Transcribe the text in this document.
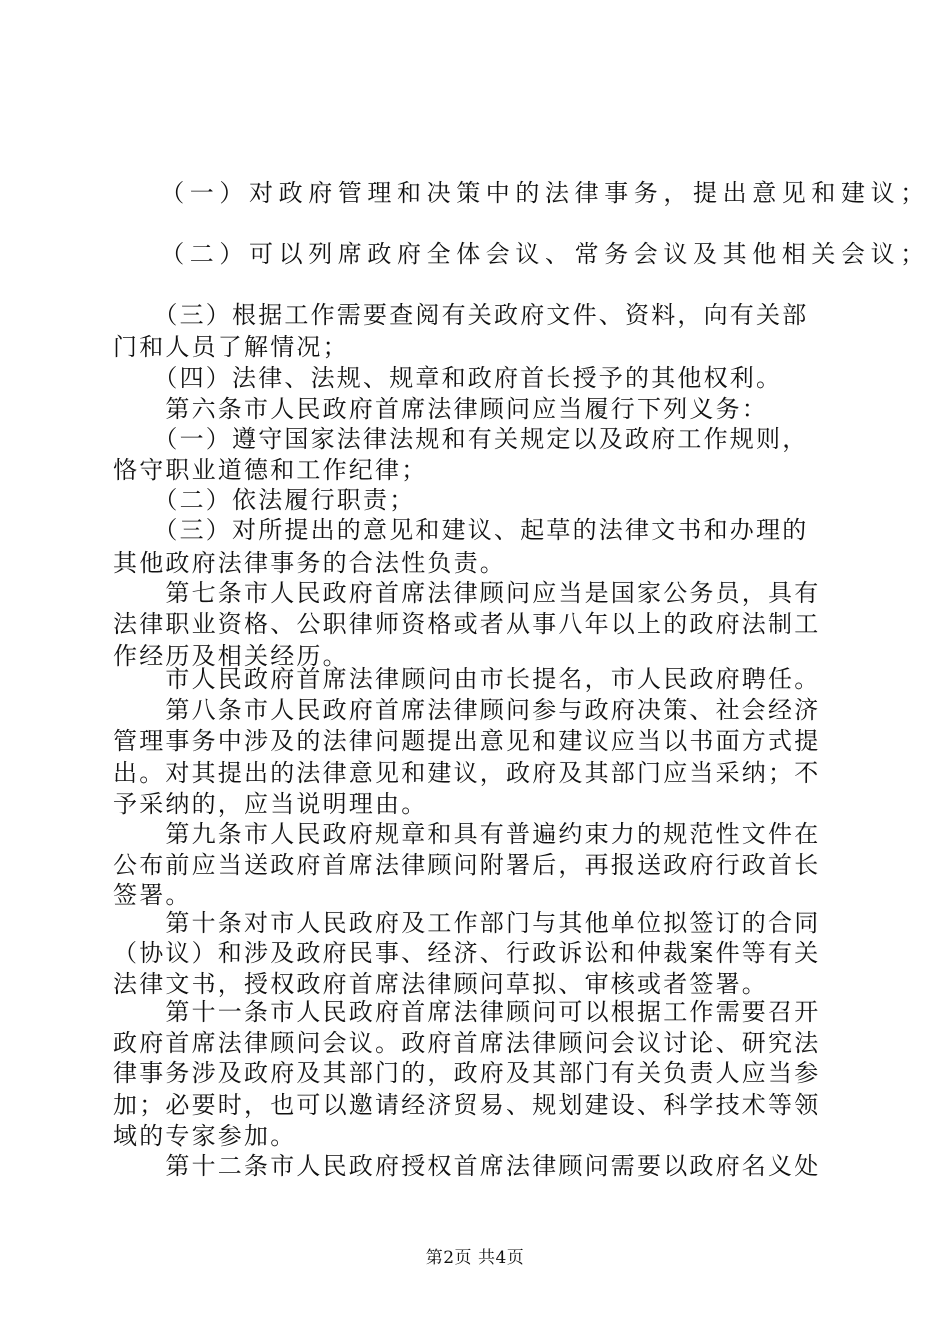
　　（一）对政府管理和决策中的法律事务，提出意见和建议；
　　（二）可以列席政府全体会议、常务会议及其他相关会议；
　　（三）根据工作需要查阅有关政府文件、资料，向有关部
门和人员了解情况；
　　（四）法律、法规、规章和政府首长授予的其他权利。
　　第六条市人民政府首席法律顾问应当履行下列义务：
　　（一）遵守国家法律法规和有关规定以及政府工作规则，
恪守职业道德和工作纪律；
　　（二）依法履行职责；
　　（三）对所提出的意见和建议、起草的法律文书和办理的
其他政府法律事务的合法性负责。
　　第七条市人民政府首席法律顾问应当是国家公务员，具有
法律职业资格、公职律师资格或者从事八年以上的政府法制工
作经历及相关经历。
　　市人民政府首席法律顾问由市长提名，市人民政府聘任。
　　第八条市人民政府首席法律顾问参与政府决策、社会经济
管理事务中涉及的法律问题提出意见和建议应当以书面方式提
出。对其提出的法律意见和建议，政府及其部门应当采纳；不
予采纳的，应当说明理由。
　　第九条市人民政府规章和具有普遍约束力的规范性文件在
公布前应当送政府首席法律顾问附署后，再报送政府行政首长
签署。
　　第十条对市人民政府及工作部门与其他单位拟签订的合同
（协议）和涉及政府民事、经济、行政诉讼和仲裁案件等有关
法律文书，授权政府首席法律顾问草拟、审核或者签署。
　　第十一条市人民政府首席法律顾问可以根据工作需要召开
政府首席法律顾问会议。政府首席法律顾问会议讨论、研究法
律事务涉及政府及其部门的，政府及其部门有关负责人应当参
加；必要时，也可以邀请经济贸易、规划建设、科学技术等领
域的专家参加。
　　第十二条市人民政府授权首席法律顾问需要以政府名义处
第2页 共4页
